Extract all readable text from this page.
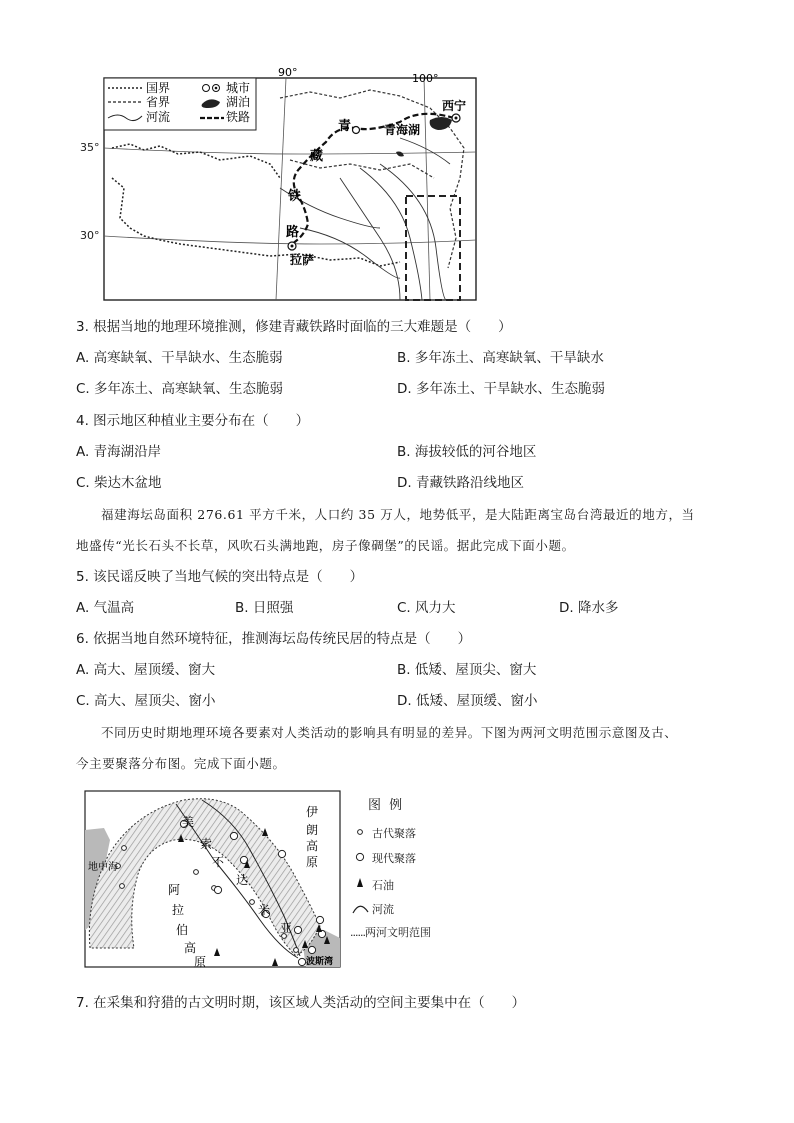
国界
省界
河流
城市
湖泊
铁路
90°	100°
青海湖
西宁
拉萨
青
藏
铁
路
35°
30°
3. 根据当地的地理环境推测，修建青藏铁路时面临的三大难题是（　　）
A. 高寒缺氧、干旱缺水、生态脆弱	B. 多年冻土、高寒缺氧、干旱缺水
C. 多年冻土、高寒缺氧、生态脆弱	D. 多年冻土、干旱缺水、生态脆弱
4. 图示地区种植业主要分布在（　　）
A. 青海湖沿岸	B. 海拔较低的河谷地区
C. 柴达木盆地	D. 青藏铁路沿线地区
福建海坛岛面积 276.61 平方千米，人口约 35 万人，地势低平，是大陆距离宝岛台湾最近的地方，当
地盛传“光长石头不长草，风吹石头满地跑，房子像碉堡”的民谣。据此完成下面小题。
5. 该民谣反映了当地气候的突出特点是（　　）
A. 气温高	B. 日照强	C. 风力大	D. 降水多
6. 依据当地自然环境特征，推测海坛岛传统民居的特点是（　　）
A. 高大、屋顶缓、窗大	B. 低矮、屋顶尖、窗大
C. 高大、屋顶尖、窗小	D. 低矮、屋顶缓、窗小
不同历史时期地理环境各要素对人类活动的影响具有明显的差异。下图为两河文明范围示意图及古、
今主要聚落分布图。完成下面小题。
地中海
波斯湾
伊
朗
高
原
阿
拉
伯
高
原
美
索
不
达
米
亚
图 例
古代聚落
现代聚落
石油
河流
......两河文明范围
7. 在采集和狩猎的古文明时期，该区域人类活动的空间主要集中在（　　）
